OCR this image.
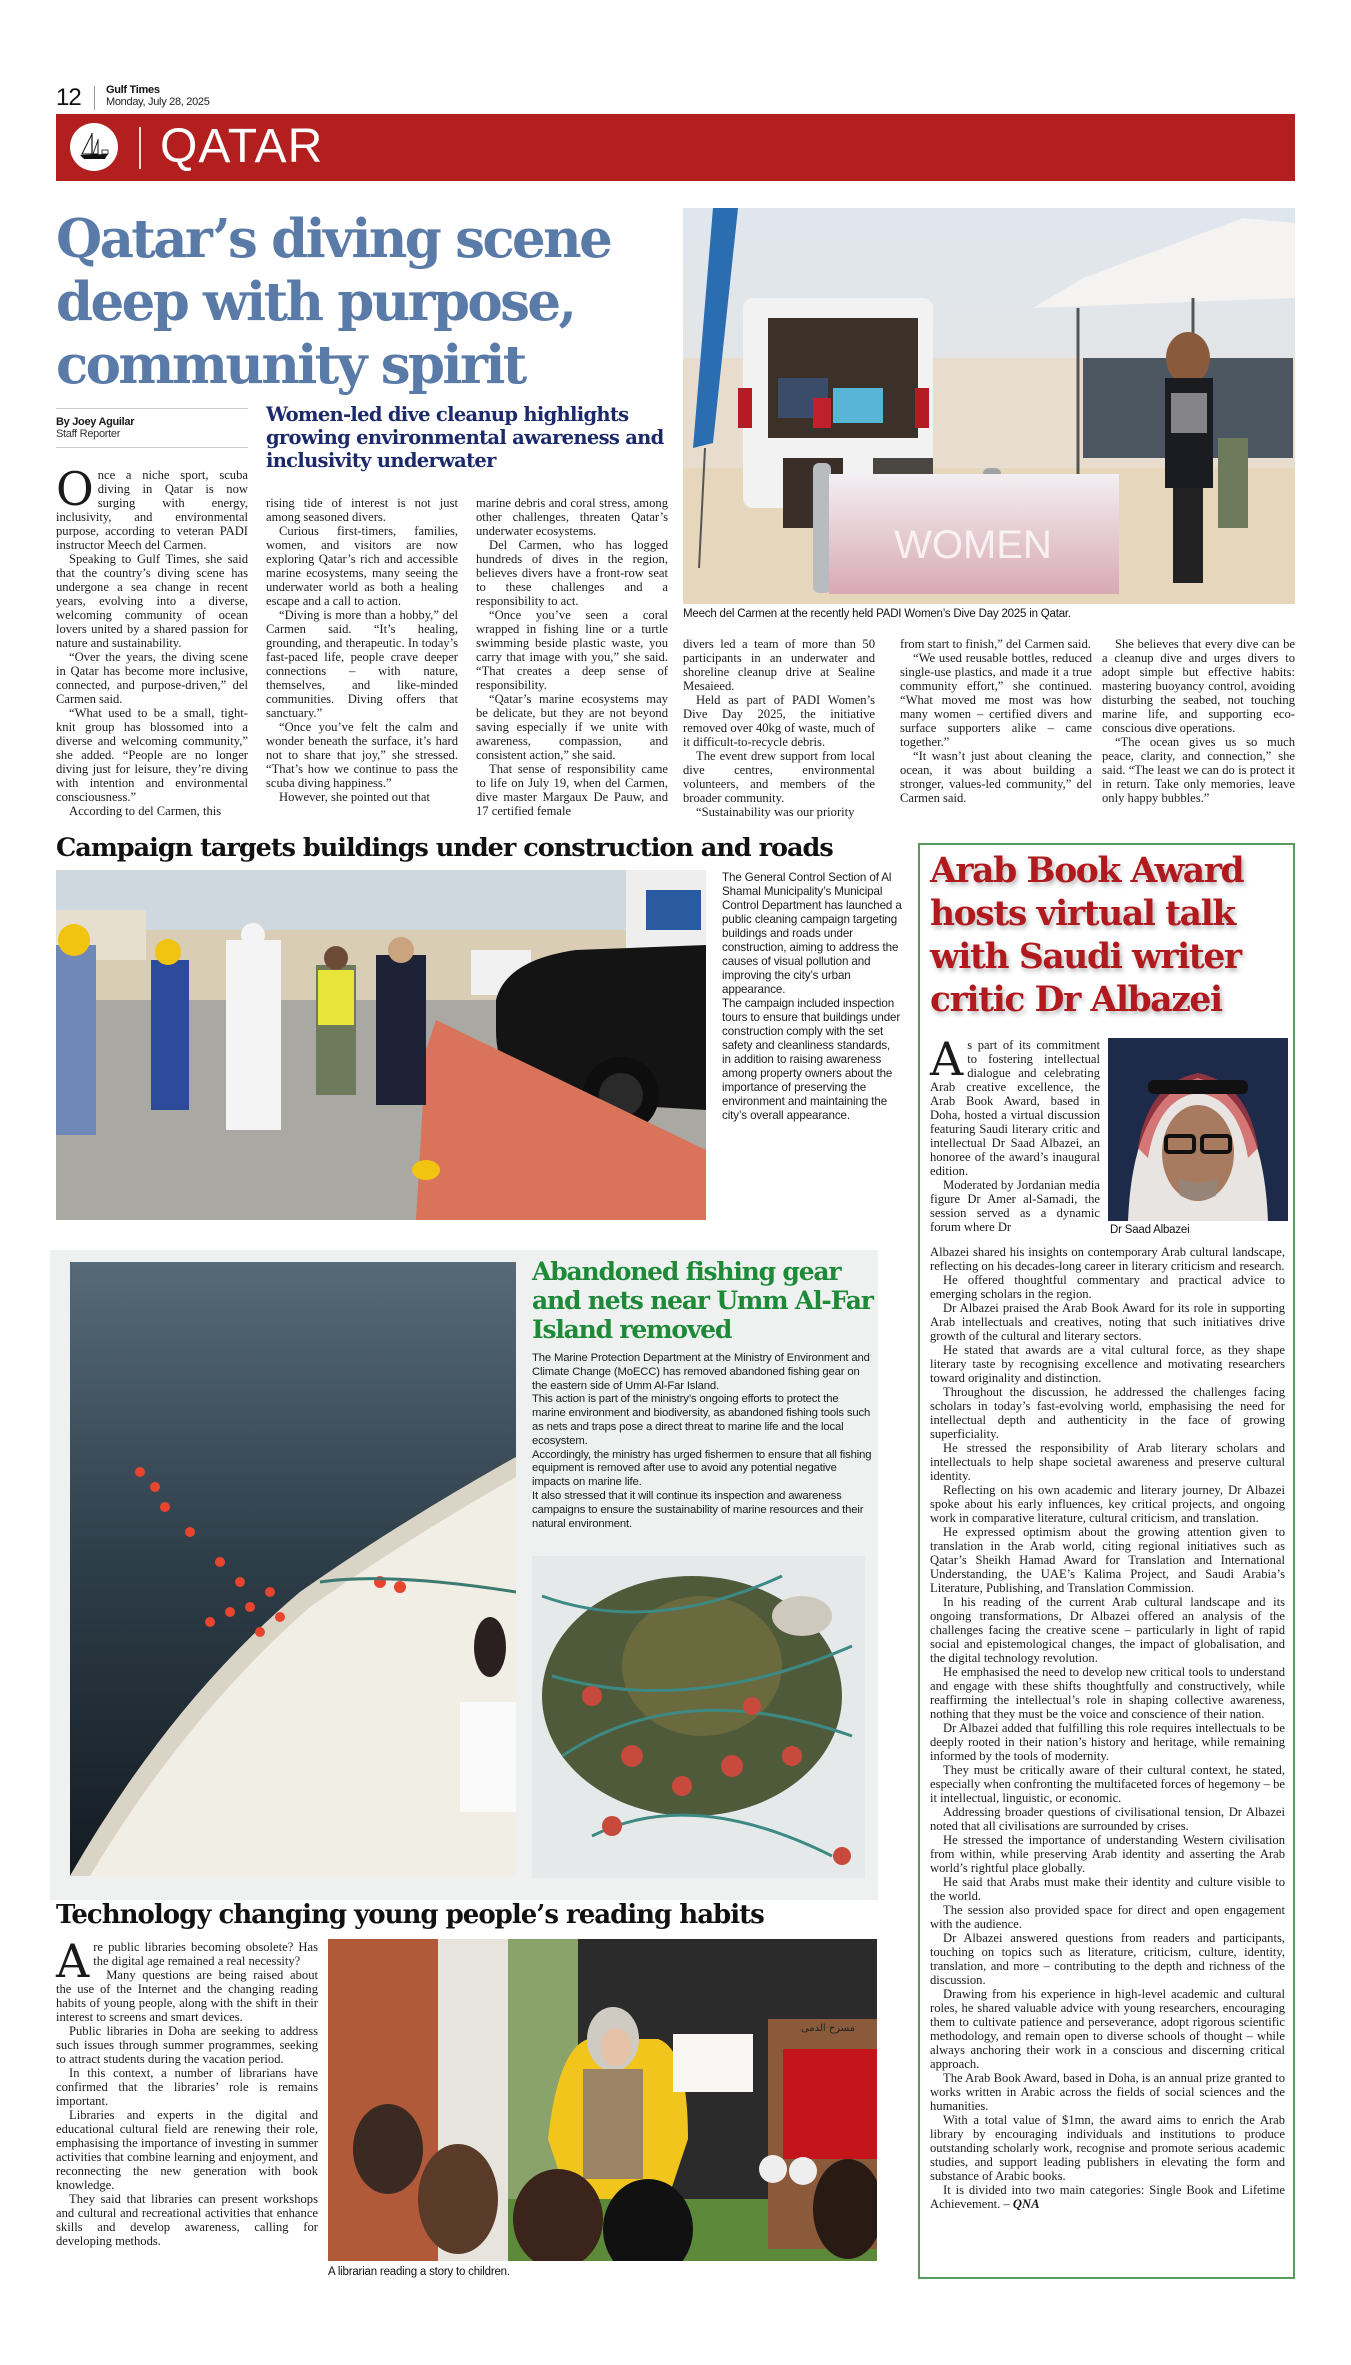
12 Gulf Times
Monday, July 28, 2025
QATAR
Qatar’s diving scene deep with purpose, community spirit
By Joey Aguilar
Staff Reporter
Women-led dive cleanup highlights growing environmental awareness and inclusivity underwater

Once a niche sport, scuba diving in Qatar is now surging with energy, inclusivity, and environmental purpose, according to veteran PADI instructor Meech del Carmen.

Speaking to Gulf Times, she said that the country’s diving scene has undergone a sea change in recent years, evolving into a diverse, welcoming community of ocean lovers united by a shared passion for nature and sustainability.

“Over the years, the diving scene in Qatar has become more inclusive, connected, and purpose-driven,” del Carmen said.

“What used to be a small, tight-knit group has blossomed into a diverse and welcoming community,” she added. “People are no longer diving just for leisure, they’re diving with intention and environmental consciousness.”

According to del Carmen, this

rising tide of interest is not just among seasoned divers.

Curious first-timers, families, women, and visitors are now exploring Qatar’s rich and accessible marine ecosystems, many seeing the underwater world as both a healing escape and a call to action.

“Diving is more than a hobby,” del Carmen said. “It’s healing, grounding, and therapeutic. In today’s fast-paced life, people crave deeper connections – with nature, themselves, and like-minded communities. Diving offers that sanctuary.”

“Once you’ve felt the calm and wonder beneath the surface, it’s hard not to share that joy,” she stressed. “That’s how we continue to pass the scuba diving happiness.”

However, she pointed out that

marine debris and coral stress, among other challenges, threaten Qatar’s underwater ecosystems.

Del Carmen, who has logged hundreds of dives in the region, believes divers have a front-row seat to these challenges and a responsibility to act.

“Once you’ve seen a coral wrapped in fishing line or a turtle swimming beside plastic waste, you carry that image with you,” she said. “That creates a deep sense of responsibility.

“Qatar’s marine ecosystems may be delicate, but they are not beyond saving especially if we unite with awareness, compassion, and consistent action,” she said.

That sense of responsibility came to life on July 19, when del Carmen, dive master Margaux De Pauw, and 17 certified female

WOMEN
Meech del Carmen at the recently held PADI Women’s Dive Day 2025 in Qatar.

divers led a team of more than 50 participants in an underwater and shoreline cleanup drive at Sealine Mesaieed.

Held as part of PADI Women’s Dive Day 2025, the initiative removed over 40kg of waste, much of it difficult-to-recycle debris.

The event drew support from local dive centres, environmental volunteers, and members of the broader community.

“Sustainability was our priority

from start to finish,” del Carmen said.

“We used reusable bottles, reduced single-use plastics, and made it a true community effort,” she continued. “What moved me most was how many women – certified divers and surface supporters alike – came together.”

“It wasn’t just about cleaning the ocean, it was about building a stronger, values-led community,” del Carmen said.

She believes that every dive can be a cleanup dive and urges divers to adopt simple but effective habits: mastering buoyancy control, avoiding disturbing the seabed, not touching marine life, and supporting eco-conscious dive operations.

“The ocean gives us so much peace, clarity, and connection,” she said. “The least we can do is protect it in return. Take only memories, leave only happy bubbles.”

Campaign targets buildings under construction and roads

The General Control Section of Al Shamal Municipality’s Municipal Control Department has launched a public cleaning campaign targeting buildings and roads under construction, aiming to address the causes of visual pollution and improving the city’s urban appearance.

The campaign included inspection tours to ensure that buildings under construction comply with the set safety and cleanliness standards, in addition to raising awareness among property owners about the importance of preserving the environment and maintaining the city’s overall appearance.

Arab Book Award hosts virtual talk with Saudi writer critic Dr Albazei
Dr Saad Albazei

As part of its commitment to fostering intellectual dialogue and celebrating Arab creative excellence, the Arab Book Award, based in Doha, hosted a virtual discussion featuring Saudi literary critic and intellectual Dr Saad Albazei, an honoree of the award’s inaugural edition.

Moderated by Jordanian media figure Dr Amer al-Samadi, the session served as a dynamic forum where Dr

Albazei shared his insights on contemporary Arab cultural landscape, reflecting on his decades-long career in literary criticism and research.

He offered thoughtful commentary and practical advice to emerging scholars in the region.

Dr Albazei praised the Arab Book Award for its role in supporting Arab intellectuals and creatives, noting that such initiatives drive growth of the cultural and literary sectors.

He stated that awards are a vital cultural force, as they shape literary taste by recognising excellence and motivating researchers toward originality and distinction.

Throughout the discussion, he addressed the challenges facing scholars in today’s fast-evolving world, emphasising the need for intellectual depth and authenticity in the face of growing superficiality.

He stressed the responsibility of Arab literary scholars and intellectuals to help shape societal awareness and preserve cultural identity.

Reflecting on his own academic and literary journey, Dr Albazei spoke about his early influences, key critical projects, and ongoing work in comparative literature, cultural criticism, and translation.

He expressed optimism about the growing attention given to translation in the Arab world, citing regional initiatives such as Qatar’s Sheikh Hamad Award for Translation and International Understanding, the UAE’s Kalima Project, and Saudi Arabia’s Literature, Publishing, and Translation Commission.

In his reading of the current Arab cultural landscape and its ongoing transformations, Dr Albazei offered an analysis of the challenges facing the creative scene – particularly in light of rapid social and epistemological changes, the impact of globalisation, and the digital technology revolution.

He emphasised the need to develop new critical tools to understand and engage with these shifts thoughtfully and constructively, while reaffirming the intellectual’s role in shaping collective awareness, nothing that they must be the voice and conscience of their nation.

Dr Albazei added that fulfilling this role requires intellectuals to be deeply rooted in their nation’s history and heritage, while remaining informed by the tools of modernity.

They must be critically aware of their cultural context, he stated, especially when confronting the multifaceted forces of hegemony – be it intellectual, linguistic, or economic.

Addressing broader questions of civilisational tension, Dr Albazei noted that all civilisations are surrounded by crises.

He stressed the importance of understanding Western civilisation from within, while preserving Arab identity and asserting the Arab world’s rightful place globally.

He said that Arabs must make their identity and culture visible to the world.

The session also provided space for direct and open engagement with the audience.

Dr Albazei answered questions from readers and participants, touching on topics such as literature, criticism, culture, identity, translation, and more – contributing to the depth and richness of the discussion.

Drawing from his experience in high-level academic and cultural roles, he shared valuable advice with young researchers, encouraging them to cultivate patience and perseverance, adopt rigorous scientific methodology, and remain open to diverse schools of thought – while always anchoring their work in a conscious and discerning critical approach.

The Arab Book Award, based in Doha, is an annual prize granted to works written in Arabic across the fields of social sciences and the humanities.

With a total value of $1mn, the award aims to enrich the Arab library by encouraging individuals and institutions to produce outstanding scholarly work, recognise and promote serious academic studies, and support leading publishers in elevating the form and substance of Arabic books.

It is divided into two main categories: Single Book and Lifetime Achievement. – QNA

Abandoned fishing gear and nets near Umm Al-Far Island removed

The Marine Protection Department at the Ministry of Environment and Climate Change (MoECC) has removed abandoned fishing gear on the eastern side of Umm Al-Far Island.

This action is part of the ministry’s ongoing efforts to protect the marine environment and biodiversity, as abandoned fishing tools such as nets and traps pose a direct threat to marine life and the local ecosystem.

Accordingly, the ministry has urged fishermen to ensure that all fishing equipment is removed after use to avoid any potential negative impacts on marine life.

It also stressed that it will continue its inspection and awareness campaigns to ensure the sustainability of marine resources and their natural environment.

Technology changing young people’s reading habits

Are public libraries becoming obsolete? Has the digital age remained a real necessity?

Many questions are being raised about the use of the Internet and the changing reading habits of young people, along with the shift in their interest to screens and smart devices.

Public libraries in Doha are seeking to address such issues through summer programmes, seeking to attract students during the vacation period.

In this context, a number of librarians have confirmed that the libraries’ role is remains important.

Libraries and experts in the digital and educational cultural field are renewing their role, emphasising the importance of investing in summer activities that combine learning and enjoyment, and reconnecting the new generation with book knowledge.

They said that libraries can present workshops and cultural and recreational activities that enhance skills and develop awareness, calling for developing methods.

مسرح الدمى
A librarian reading a story to children.
